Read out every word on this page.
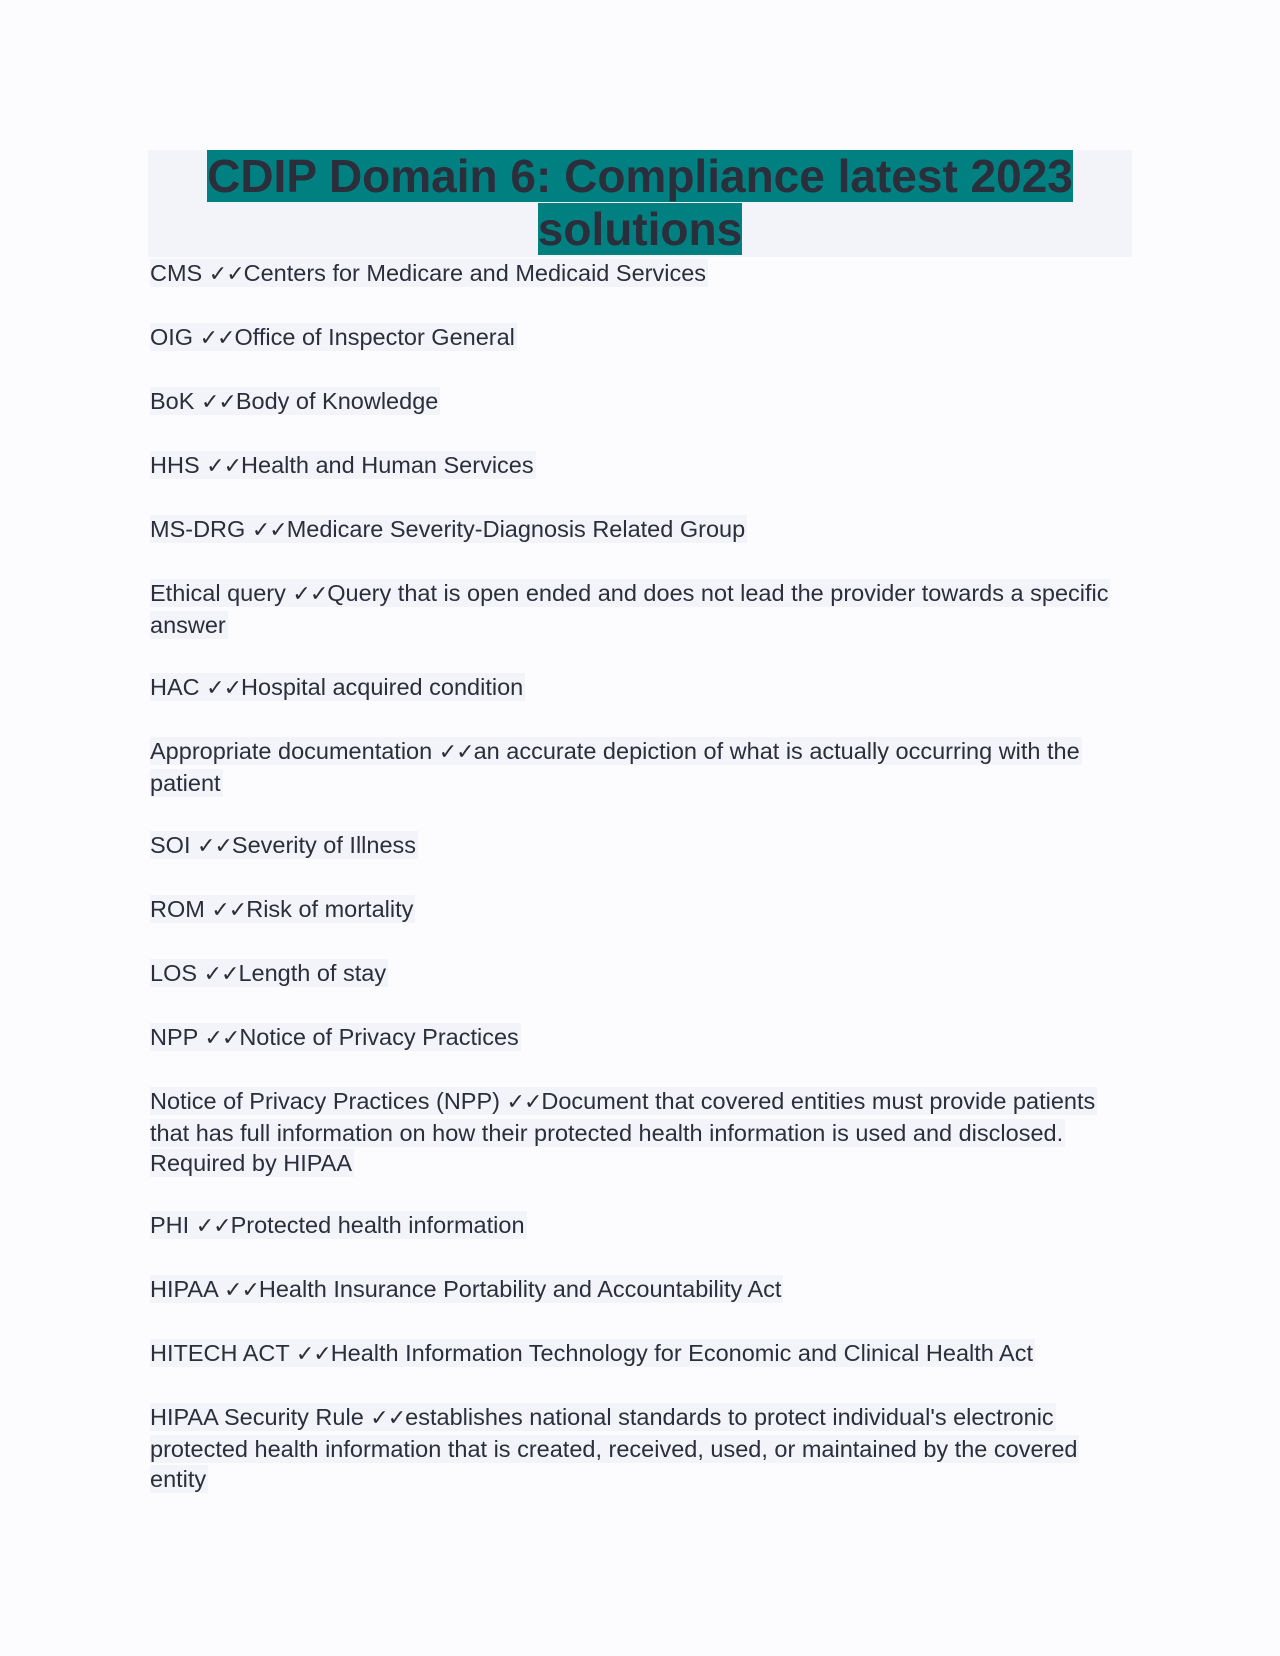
CDIP Domain 6: Compliance latest 2023
solutions
CMS ✓✓Centers for Medicare and Medicaid Services
OIG ✓✓Office of Inspector General
BoK ✓✓Body of Knowledge
HHS ✓✓Health and Human Services
MS-DRG ✓✓Medicare Severity-Diagnosis Related Group
Ethical query ✓✓Query that is open ended and does not lead the provider towards a specific answer
HAC ✓✓Hospital acquired condition
Appropriate documentation ✓✓an accurate depiction of what is actually occurring with the patient
SOI ✓✓Severity of Illness
ROM ✓✓Risk of mortality
LOS ✓✓Length of stay
NPP ✓✓Notice of Privacy Practices
Notice of Privacy Practices (NPP) ✓✓Document that covered entities must provide patients that has full information on how their protected health information is used and disclosed. Required by HIPAA
PHI ✓✓Protected health information
HIPAA ✓✓Health Insurance Portability and Accountability Act
HITECH ACT ✓✓Health Information Technology for Economic and Clinical Health Act
HIPAA Security Rule ✓✓establishes national standards to protect individual's electronic protected health information that is created, received, used, or maintained by the covered entity
